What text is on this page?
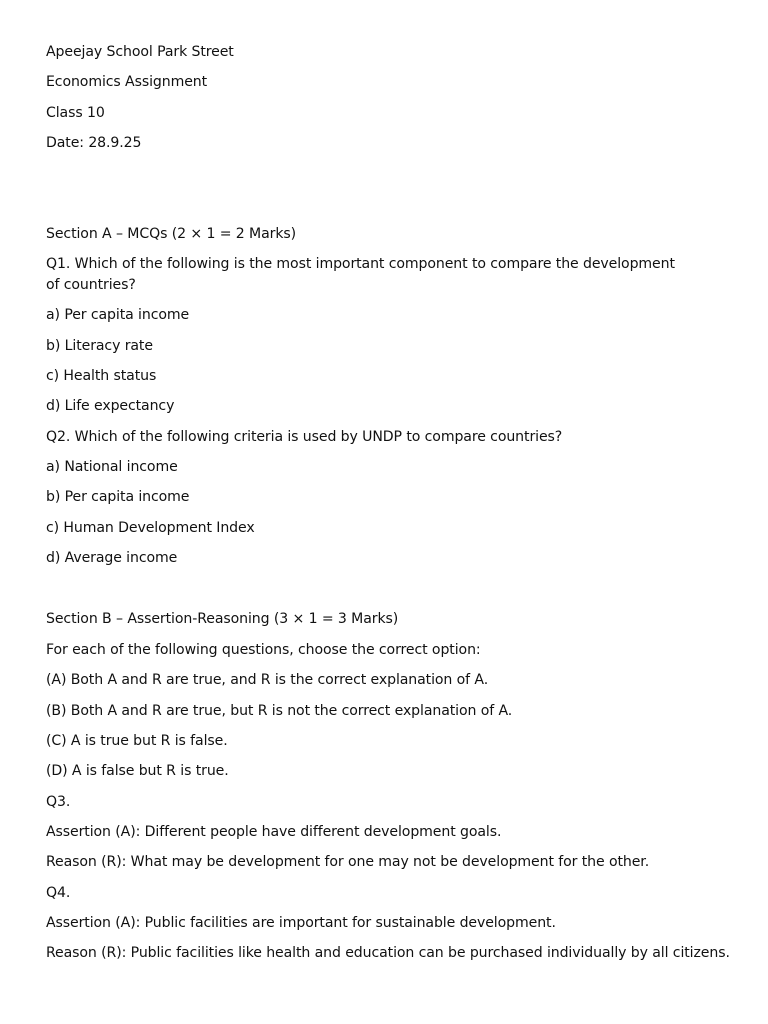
Apeejay School Park Street
Economics Assignment
Class 10
Date: 28.9.25
Section A – MCQs (2 × 1 = 2 Marks)
Q1. Which of the following is the most important component to compare the development of countries?
a) Per capita income
b) Literacy rate
c) Health status
d) Life expectancy
Q2. Which of the following criteria is used by UNDP to compare countries?
a) National income
b) Per capita income
c) Human Development Index
d) Average income
Section B – Assertion-Reasoning (3 × 1 = 3 Marks)
For each of the following questions, choose the correct option:
(A) Both A and R are true, and R is the correct explanation of A.
(B) Both A and R are true, but R is not the correct explanation of A.
(C) A is true but R is false.
(D) A is false but R is true.
Q3.
Assertion (A): Different people have different development goals.
Reason (R): What may be development for one may not be development for the other.
Q4.
Assertion (A): Public facilities are important for sustainable development.
Reason (R): Public facilities like health and education can be purchased individually by all citizens.
